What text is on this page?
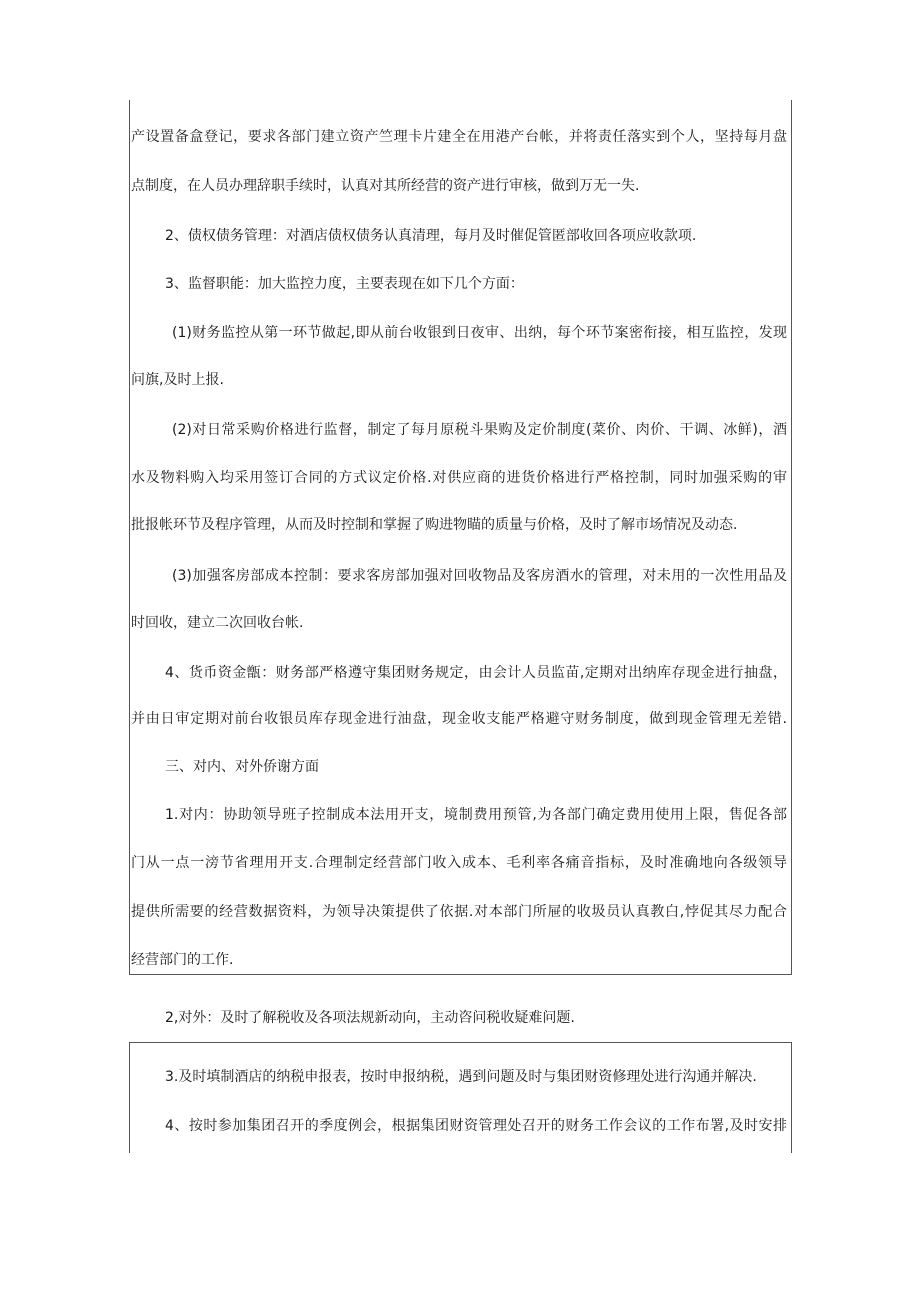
产设置备盒登记，要求各部门建立资产竺理卡片建全在用港产台帐，并将责任落实到个人，坚持每月盘
点制度，在人员办理辞职手续时，认真对其所经营的资产进行审核，做到万无一失.
2、债权债务管理：对酒店债权债务认真清理，每月及时催促管匿部收回各项应收款项.
3、监督职能：加大监控力度，主要表现在如下几个方面：
(1)财务监控从第一环节做起,即从前台收银到日夜审、出纳，每个环节案密衔接，相互监控，发现
问旗,及时上报.
(2)对日常采购价格进行监督，制定了每月原税斗果购及定价制度(菜价、肉价、干调、冰鲜)，酒
水及物料购入均采用签订合同的方式议定价格.对供应商的进货价格进行严格控制，同时加强采购的审
批报帐环节及程序管理，从而及时控制和掌握了购进物瞄的质量与价格，及时了解市场情况及动态.
(3)加强客房部成本控制：要求客房部加强对回收物品及客房酒水的管理，对未用的一次性用品及
时回收，建立二次回收台帐.
4、货币资金甑：财务部严格遵守集团财务规定，由会计人员监苗,定期对出纳库存现金进行抽盘，
并由日审定期对前台收银员库存现金进行油盘，现金收支能严格避守财务制度，做到现金管理无差错.
三、对内、对外侨谢方面
1.对内：协助领导班子控制成本法用开支，境制费用预管,为各部门确定费用使用上限，售促各部
门从一点一滂节省理用开支.合理制定经营部门收入成本、毛利率各痛音指标，及时准确地向各级领导
提供所需要的经营数据资料，为领导决策提供了依据.对本部门所屉的收圾员认真教白,悖促其尽力配合
经营部门的工作.
2,对外：及时了解税收及各项法规新动向，主动咨问税收疑难问题.
3.及时填制酒店的纳税申报表，按时申报纳税，遇到问题及时与集团财资修理处进行沟通并解决.
4、按时参加集团召开的季度例会，根据集团财资管理处召开的财务工作会议的工作布署,及时安排
